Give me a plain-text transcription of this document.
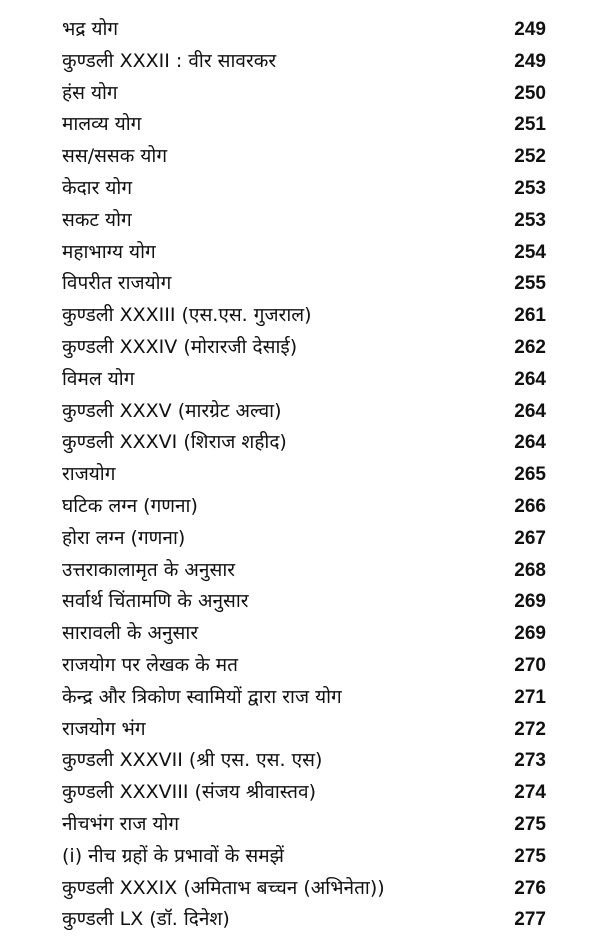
भद्र योग	249
कुण्डली XXXII : वीर सावरकर	249
हंस योग	250
मालव्य योग	251
सस/ससक योग	252
केदार योग	253
सकट योग	253
महाभाग्य योग	254
विपरीत राजयोग	255
कुण्डली XXXIII (एस.एस. गुजराल)	261
कुण्डली XXXIV (मोरारजी देसाई)	262
विमल योग	264
कुण्डली XXXV (मारग्रेट अल्वा)	264
कुण्डली XXXVI (शिराज शहीद)	264
राजयोग	265
घटिक लग्न (गणना)	266
होरा लग्न (गणना)	267
उत्तराकालामृत के अनुसार	268
सर्वार्थ चिंतामणि के अनुसार	269
सारावली के अनुसार	269
राजयोग पर लेखक के मत	270
केन्द्र और त्रिकोण स्वामियों द्वारा राज योग	271
राजयोग भंग	272
कुण्डली XXXVII (श्री एस. एस. एस)	273
कुण्डली XXXVIII (संजय श्रीवास्तव)	274
नीचभंग राज योग	275
(i) नीच ग्रहों के प्रभावों के समझें	275
कुण्डली XXXIX (अमिताभ बच्चन (अभिनेता))	276
कुण्डली LX (डॉ. दिनेश)	277
